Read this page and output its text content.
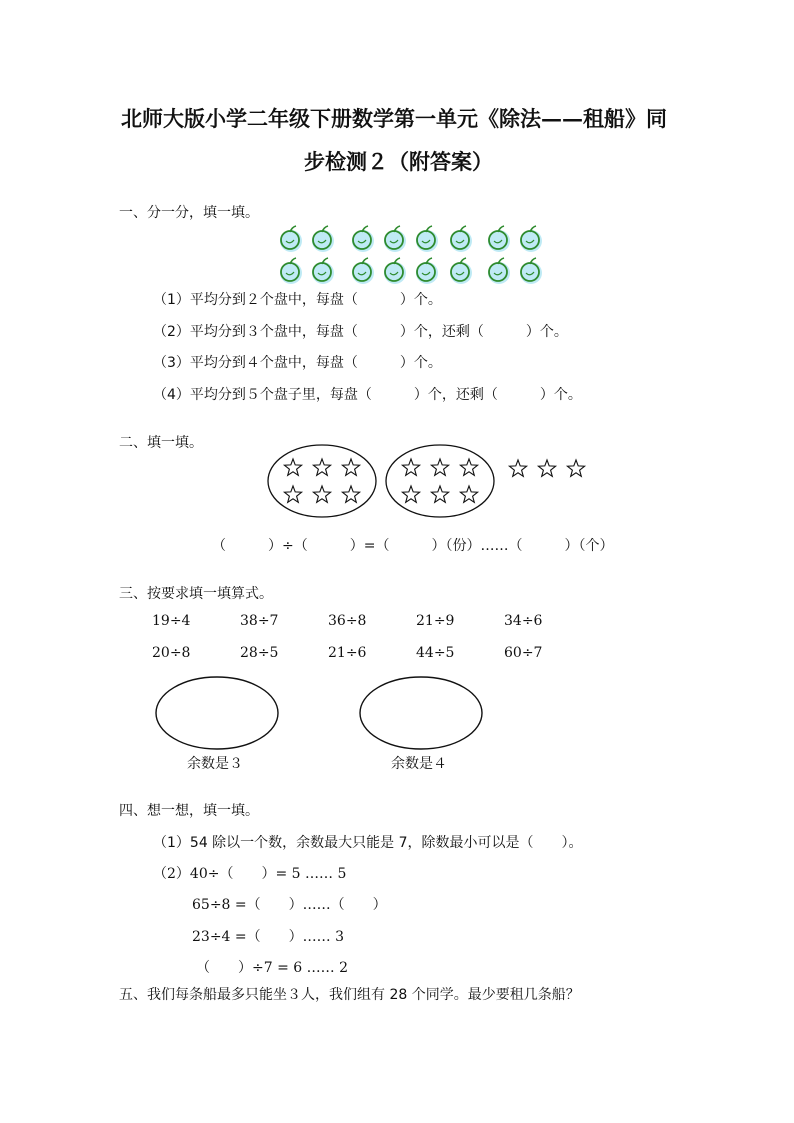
北师大版小学二年级下册数学第一单元《除法——租船》同
步检测２（附答案）
一、分一分，填一填。
（1）平均分到２个盘中，每盘（　　　）个。
（2）平均分到３个盘中，每盘（　　　）个，还剩（　　　）个。
（3）平均分到４个盘中，每盘（　　　）个。
（4）平均分到５个盘子里，每盘（　　　）个，还剩（　　　）个。
二、填一填。
（　　　）÷（　　　）=（　　　）（份）……（　　　）（个）
三、按要求填一填算式。
19÷4	38÷7	36÷8	21÷9	34÷6
20÷8	28÷5	21÷6	44÷5	60÷7
余数是３	余数是４
四、想一想，填一填。
（1）54 除以一个数，余数最大只能是 7，除数最小可以是（　　）。
（2）40÷（　　）= 5 …… 5
65÷8 =（　　）……（　　）
23÷4 =（　　）…… 3
（　　）÷7 = 6 …… 2
五、我们每条船最多只能坐３人，我们组有 28 个同学。最少要租几条船？
